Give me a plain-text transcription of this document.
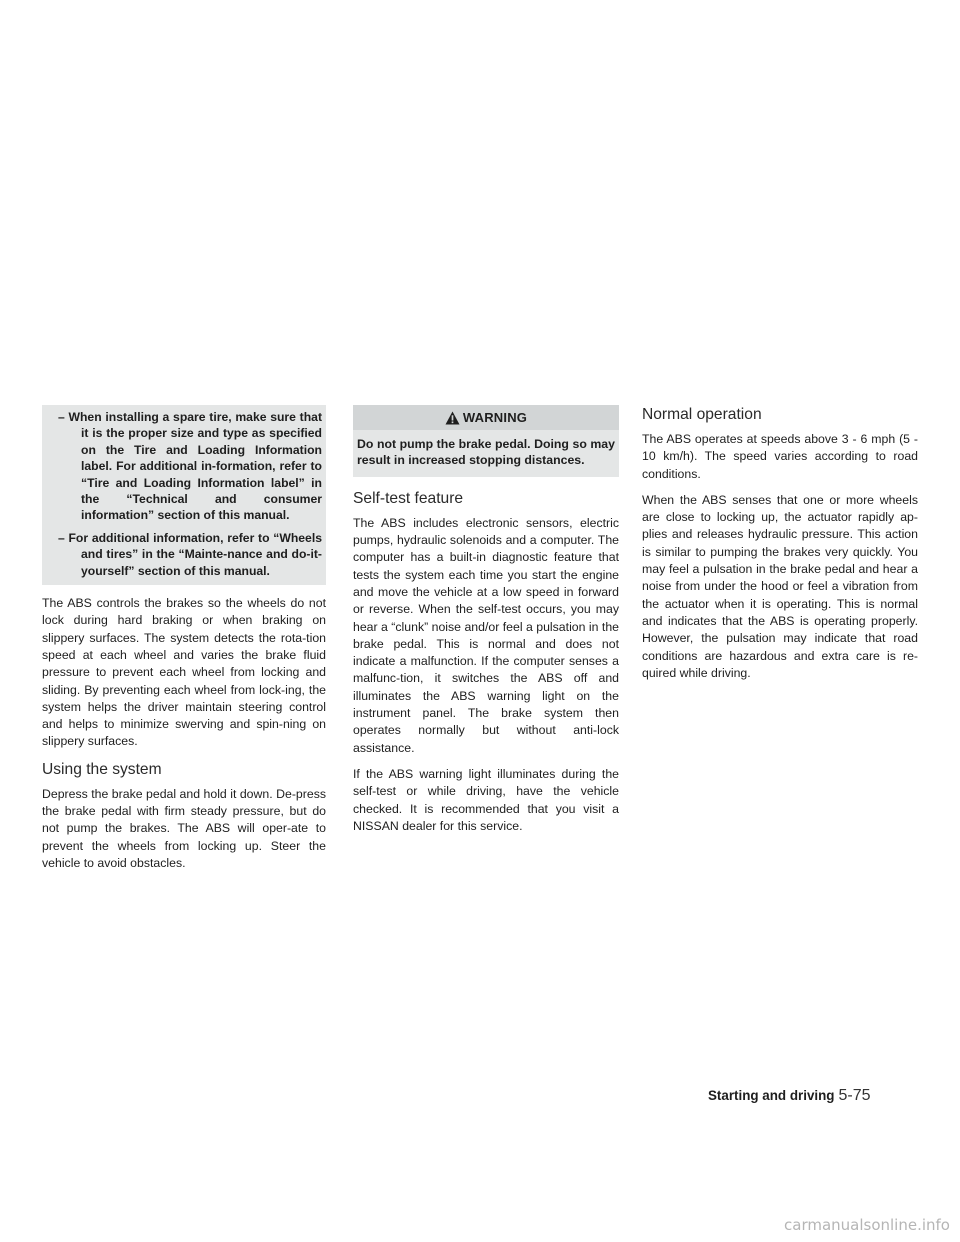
– When installing a spare tire, make sure that it is the proper size and type as specified on the Tire and Loading Information label. For additional in-formation, refer to “Tire and Loading Information label” in the “Technical and consumer information” section of this manual.

– For additional information, refer to “Wheels and tires” in the “Mainte-nance and do-it-yourself” section of this manual.

The ABS controls the brakes so the wheels do not lock during hard braking or when braking on slippery surfaces. The system detects the rota-tion speed at each wheel and varies the brake fluid pressure to prevent each wheel from locking and sliding. By preventing each wheel from lock-ing, the system helps the driver maintain steering control and helps to minimize swerving and spin-ning on slippery surfaces.

Using the system

Depress the brake pedal and hold it down. De-press the brake pedal with firm steady pressure, but do not pump the brakes. The ABS will oper-ate to prevent the wheels from locking up. Steer the vehicle to avoid obstacles.

WARNING
Do not pump the brake pedal. Doing so may result in increased stopping distances.
Self-test feature

The ABS includes electronic sensors, electric pumps, hydraulic solenoids and a computer. The computer has a built-in diagnostic feature that tests the system each time you start the engine and move the vehicle at a low speed in forward or reverse. When the self-test occurs, you may hear a “clunk” noise and/or feel a pulsation in the brake pedal. This is normal and does not indicate a malfunction. If the computer senses a malfunc-tion, it switches the ABS off and illuminates the ABS warning light on the instrument panel. The brake system then operates normally but without anti-lock assistance.

If the ABS warning light illuminates during the self-test or while driving, have the vehicle checked. It is recommended that you visit a NISSAN dealer for this service.

Normal operation

The ABS operates at speeds above 3 - 6 mph (5 - 10 km/h). The speed varies according to road conditions.

When the ABS senses that one or more wheels are close to locking up, the actuator rapidly ap-plies and releases hydraulic pressure. This action is similar to pumping the brakes very quickly. You may feel a pulsation in the brake pedal and hear a noise from under the hood or feel a vibration from the actuator when it is operating. This is normal and indicates that the ABS is operating properly. However, the pulsation may indicate that road conditions are hazardous and extra care is re-quired while driving.

Starting and driving 5-75
carmanualsonline.info
